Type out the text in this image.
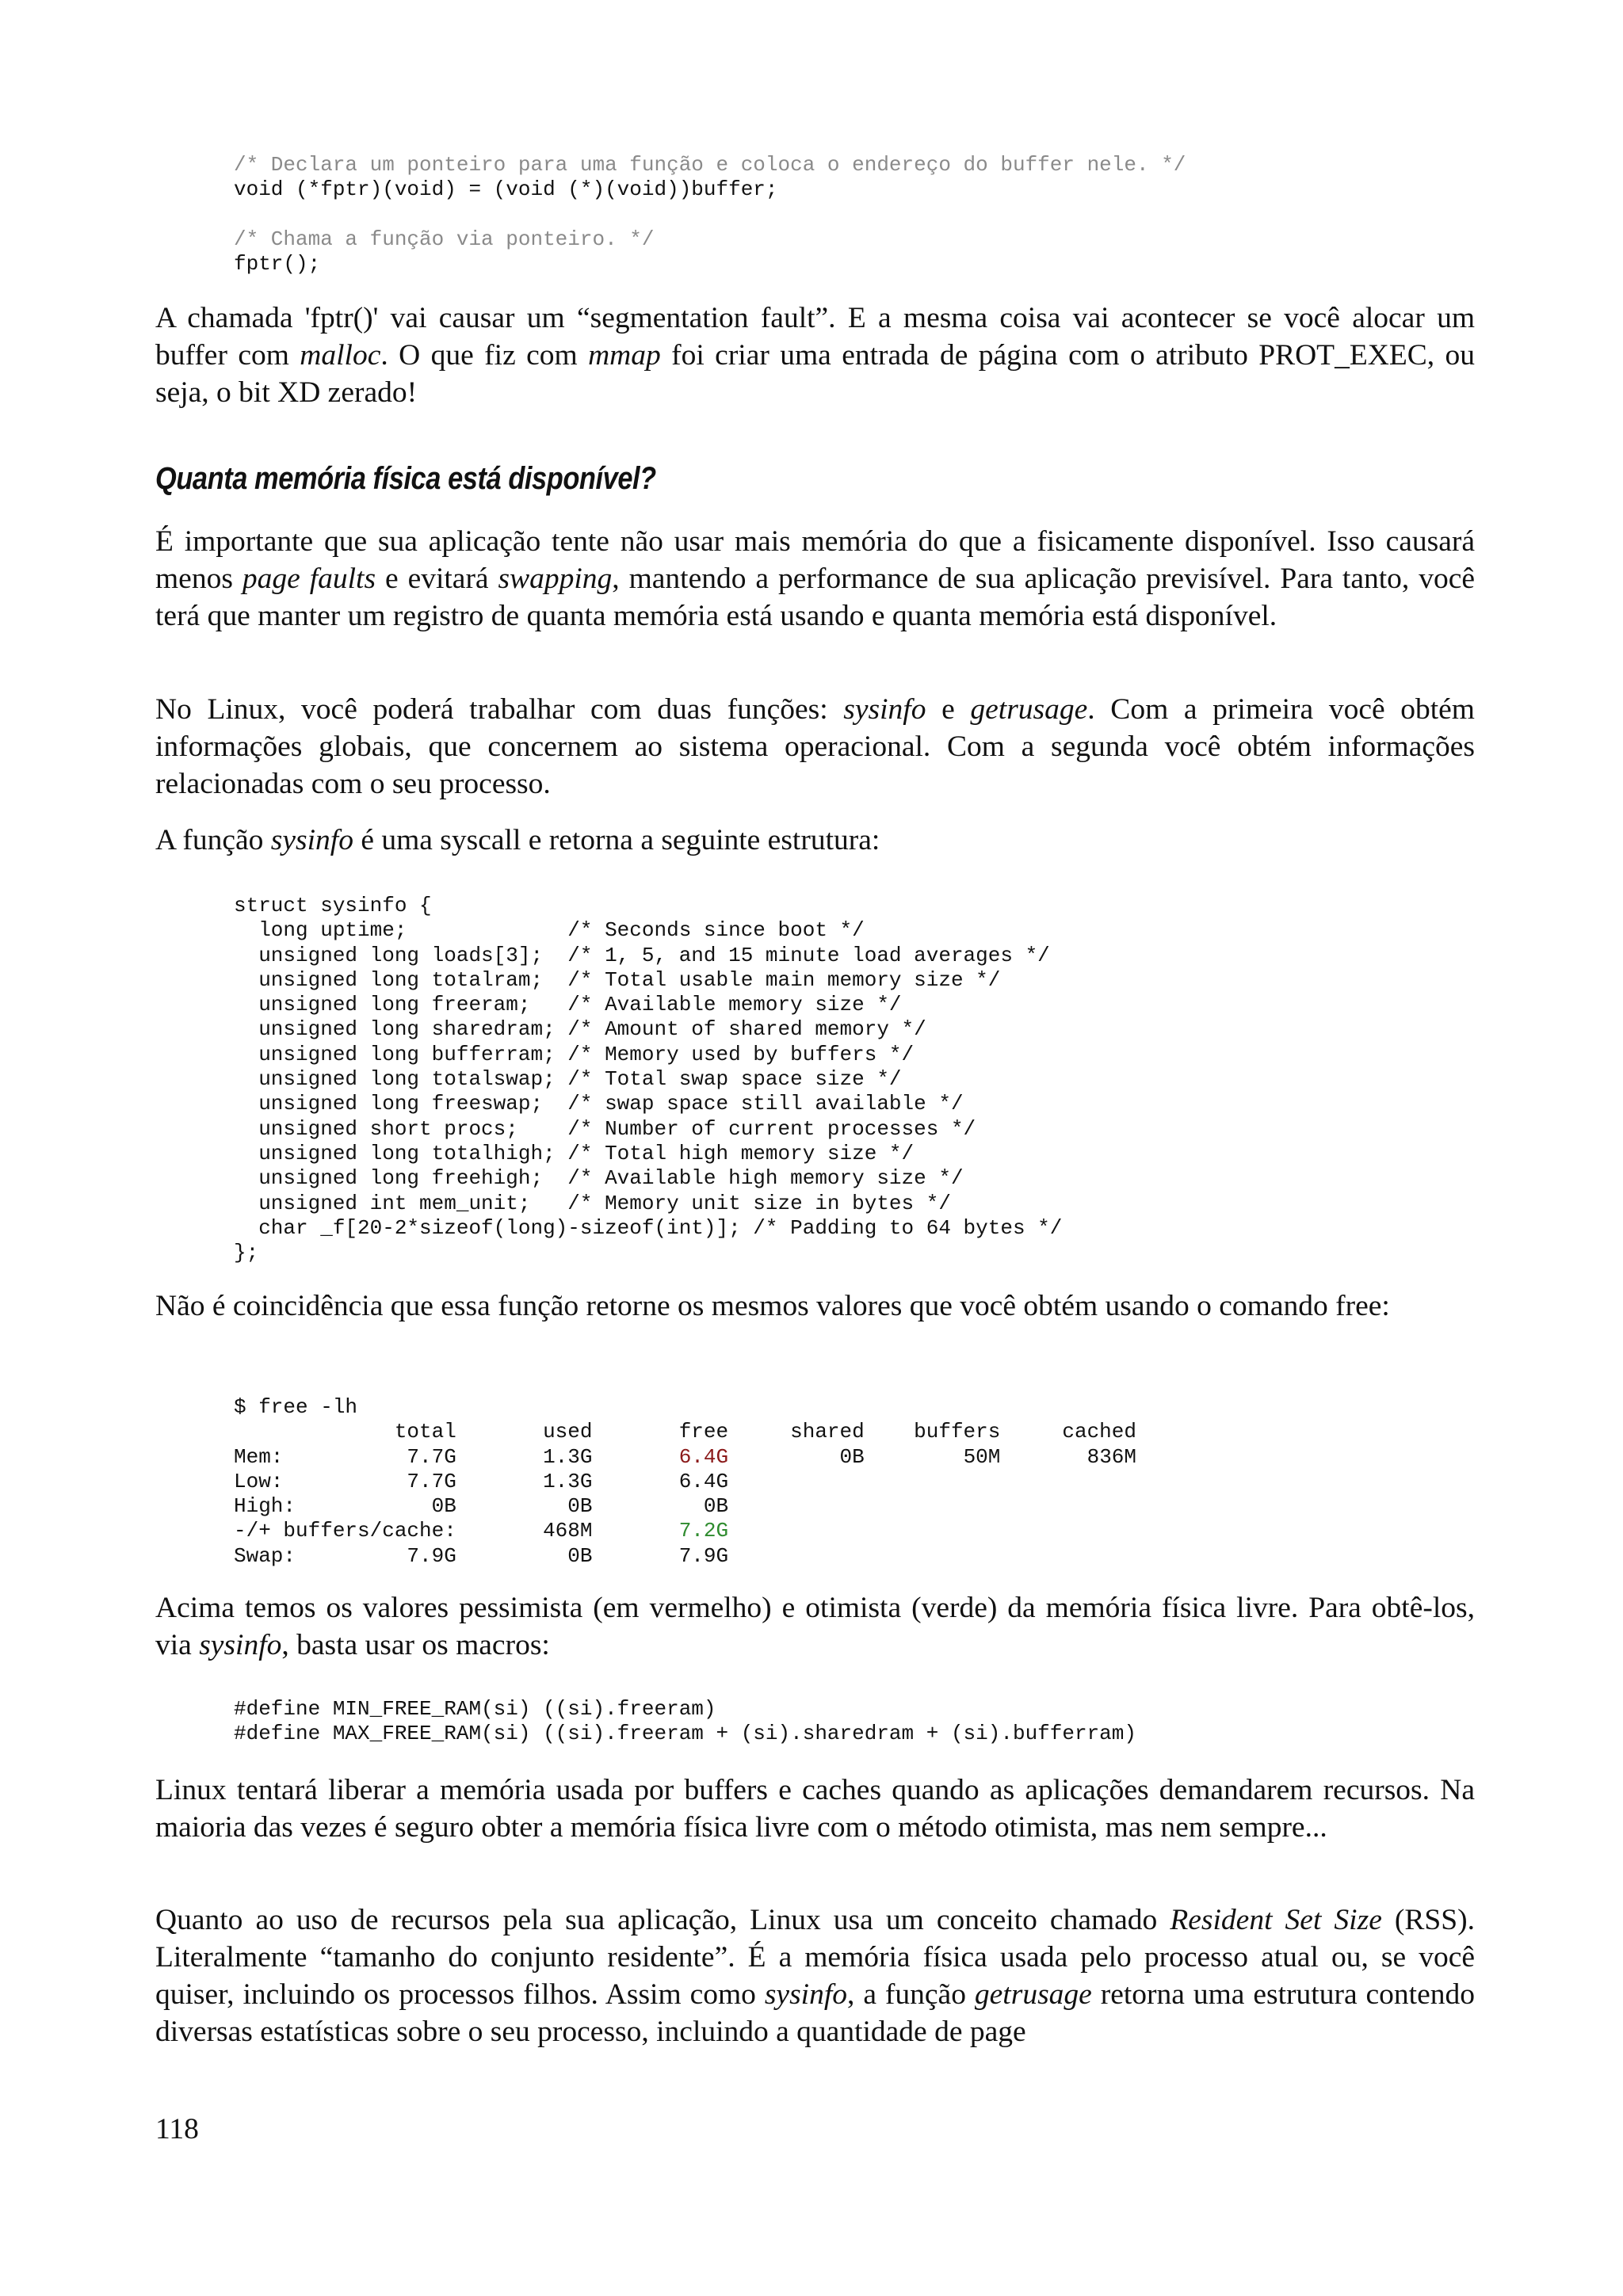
/* Declara um ponteiro para uma função e coloca o endereço do buffer nele. */
void (*fptr)(void) = (void (*)(void))buffer;

/* Chama a função via ponteiro. */
fptr();

A chamada 'fptr()' vai causar um “segmentation fault”. E a mesma coisa vai acontecer se você alocar um buffer com malloc. O que fiz com mmap foi criar uma entrada de página com o atributo PROT_EXEC, ou seja, o bit XD zerado!

Quanta memória física está disponível?

É importante que sua aplicação tente não usar mais memória do que a fisicamente disponível. Isso causará menos page faults e evitará swapping, mantendo a performance de sua aplicação previsível. Para tanto, você terá que manter um registro de quanta memória está usando e quanta memória está disponível.

No Linux, você poderá trabalhar com duas funções: sysinfo e getrusage. Com a primeira você obtém informações globais, que concernem ao sistema operacional. Com a segunda você obtém informações relacionadas com o seu processo.

A função sysinfo é uma syscall e retorna a seguinte estrutura:

struct sysinfo {
long uptime;             /* Seconds since boot */
unsigned long loads[3];  /* 1, 5, and 15 minute load averages */
unsigned long totalram;  /* Total usable main memory size */
unsigned long freeram;   /* Available memory size */
unsigned long sharedram; /* Amount of shared memory */
unsigned long bufferram; /* Memory used by buffers */
unsigned long totalswap; /* Total swap space size */
unsigned long freeswap;  /* swap space still available */
unsigned short procs;    /* Number of current processes */
unsigned long totalhigh; /* Total high memory size */
unsigned long freehigh;  /* Available high memory size */
unsigned int mem_unit;   /* Memory unit size in bytes */
char _f[20-2*sizeof(long)-sizeof(int)]; /* Padding to 64 bytes */
};

Não é coincidência que essa função retorne os mesmos valores que você obtém usando o comando free:

$ free -lh
total       used       free     shared    buffers     cached
Mem:          7.7G       1.3G       6.4G         0B        50M       836M
Low:          7.7G       1.3G       6.4G
High:           0B         0B         0B
-/+ buffers/cache:       468M       7.2G
Swap:         7.9G         0B       7.9G

Acima temos os valores pessimista (em vermelho) e otimista (verde) da memória física livre. Para obtê-los, via sysinfo, basta usar os macros:

#define MIN_FREE_RAM(si) ((si).freeram)
#define MAX_FREE_RAM(si) ((si).freeram + (si).sharedram + (si).bufferram)

Linux tentará liberar a memória usada por buffers e caches quando as aplicações demandarem recursos. Na maioria das vezes é seguro obter a memória física livre com o método otimista, mas nem sempre...

Quanto ao uso de recursos pela sua aplicação, Linux usa um conceito chamado Resident Set Size (RSS). Literalmente “tamanho do conjunto residente”. É a memória física usada pelo processo atual ou, se você quiser, incluindo os processos filhos. Assim como sysinfo, a função getrusage retorna uma estrutura contendo diversas estatísticas sobre o seu processo, incluindo a quantidade de page

118
